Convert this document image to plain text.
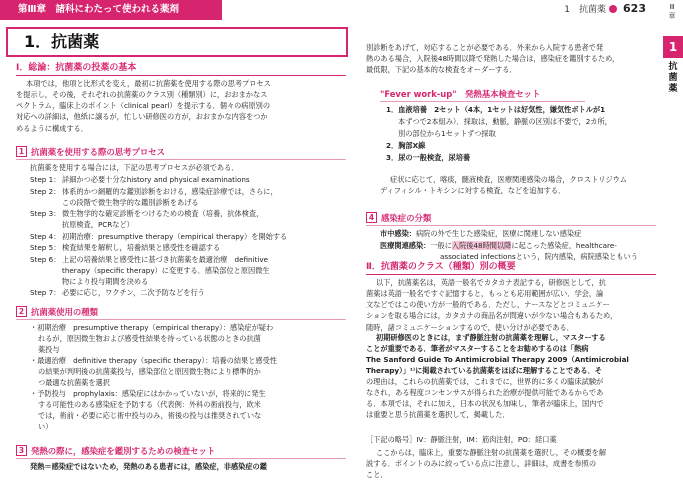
第Ⅲ章　諸科にわたって使われる薬剤
1．抗菌薬
1　抗菌薬 623	Ⅲ
章
1
抗
菌
薬
Ⅰ．総論：抗菌薬の投薬の基本
本項では，他項と比形式を変え，最初に抗菌薬を使用する際の思考プロセス
を提示し，その後，それぞれの抗菌薬のクラス別（種類別）に，おおまかなス
ペクトラム，臨床上のポイント（clinical pearl）を提示する．個々の病原別の
対応への詳細は，他紙に譲るが，忙しい研修医の方が，おおまかな内容をつか
めるように構成する．
1 抗菌薬を使用する際の思考プロセス
抗菌薬を使用する場合には，下記の思考プロセスが必須である．
Step 1： 詳細かつ必要十分なhistory and physical examinations
Step 2： 体系的かつ網羅的な鑑別診断をおける，感染症診療では，さらに，
この段階で微生物学的な鑑別診断をあげる
Step 3： 微生物学的な確定診断をつけるための検査（培養，抗体検査，
抗原検査，PCRなど）
Step 4： 初期治療：presumptive therapy（empirical therapy）を開始する
Step 5： 検査結果を解釈し，培養結果と感受性を確認する
Step 6： 上記の培養結果と感受性に基づき抗菌薬を最適治療　definitive
therapy（specific therapy）に変更する．感染部位と原因微生
物により投与期間を決める
Step 7： 必要に応じ，ワクチン，二次予防などを行う
2 抗菌薬使用の種類
・初期治療　presumptive therapy（empirical therapy）：感染症が疑わ
れるが，原因微生物および感受性結果を待っている状態のときの抗菌
薬投与
・最適治療　definitive therapy（specific therapy）：培養の結果と感受性
の結果が判明後の抗菌薬投与，感染部位と原因微生物により標準的か
つ最適な抗菌薬を選択
・予防投与　prophylaxis：感染症にはかかっていないが，将来的に発生
する可能性のある感染症を予防する（代表例：外科の術前投与，欧米
では，術前・必要に応じ術中投与のみ，術後の投与は推奨されていな
い）
3 発熱の際に，感染症を鑑別するための検査セット
発熱＝感染症ではないため，発熱のある患者には，感染症，非感染症の鑑
別診断をあげて，対応することが必要である．外来から入院する患者で発
熱のある場合，入院後48時間以降で発熱した場合は，感染症を鑑別するため，
最低限，下記の基本的な検査をオーダーする．
"Fever work-up"　発熱基本検査セット
1．血液培養　2セット（4本，1セットは好気性，嫌気性ボトルが1
本ずつで2本組み）．採取は，動脈，静脈の区別は不要で，2カ所，
別の部位から1セットずつ採取
2．胸部X線
3．尿の一般検査，尿培養
症状に応じて，喀痰，髄液検査，医療関連感染の場合，クロストリジウム
ディフィシル・トキシンに対する検査，などを追加する．
4 感染症の分類
市中感染：病院の外で生じた感染症，医療に関連しない感染症
医療関連感染：一般に入院後48時間以降に起こった感染症，healthcare-
associated infectionsという，院内感染，病院感染ともいう
Ⅱ．抗菌薬のクラス（種類）別の概要
以下，抗菌薬名は，英語一般名でカタカナ表記する，研修医として，抗
菌薬は英語一般名ですぐ記憶すると，もっとも応用範囲が広い．学会，論
文などではこの使い方が一般的である．ただし，ナースなどとコミュニケー
ションを取る場合には，カタカナの商品名が問違いが少ない場合もあるため，
随時，諸コミュニケーションするので，使い分けが必要である．
初期研修医のときには，まず静脈注射の抗菌薬を理解し，マスターする
ことが重要である．筆者がマスターすることをお勧めするのは「熱病
The Sanford Guide To Antimicrobial Therapy 2009（Antimicrobial
Therapy）」¹⁾に掲載されている抗菌薬をほぼに理解することである．そ
の理由は，これらの抗菌薬では，これまでに，世界的に多くの臨床試験が
なされ，ある程度コンセンサスが得られた治療が提供可能であるからであ
る．本項では，それに加え，日本の状況も加味し，筆者が臨床上，国内で
は重要と思う抗菌薬を選択して，掲載した．
［下記の略号］IV：静脈注射，IM：筋肉注射，PO：経口薬
ここからは，臨床上，重要な静脈注射の抗菌薬を選択し，その概要を解
説する．ポイントのみに絞っている点に注意し，詳細は，成書を参照の
こと．
